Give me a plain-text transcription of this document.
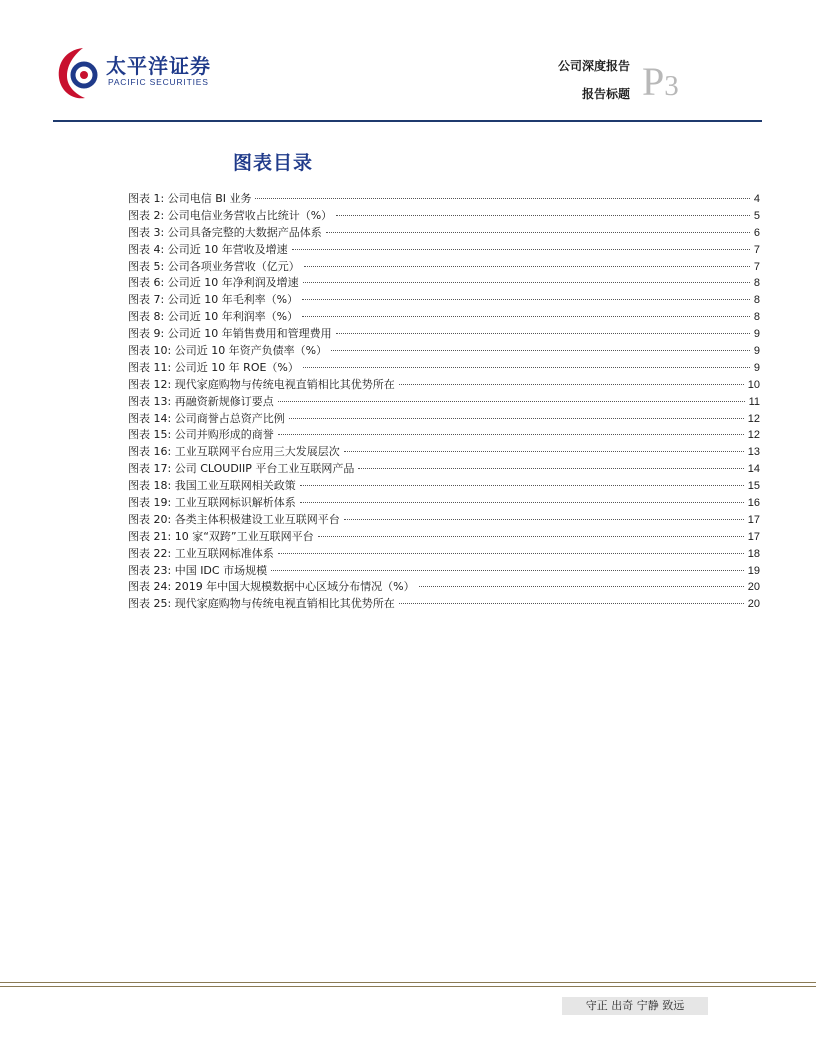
太平洋证券
PACIFIC SECURITIES
公司深度报告
报告标题 P3
图表目录
图表 1: 公司电信 BI 业务	4
图表 2: 公司电信业务营收占比统计（%）	5
图表 3: 公司具备完整的大数据产品体系	6
图表 4: 公司近 10 年营收及增速	7
图表 5: 公司各项业务营收（亿元）	7
图表 6: 公司近 10 年净利润及增速	8
图表 7: 公司近 10 年毛利率（%）	8
图表 8: 公司近 10 年利润率（%）	8
图表 9: 公司近 10 年销售费用和管理费用	9
图表 10: 公司近 10 年资产负债率（%）	9
图表 11: 公司近 10 年 ROE（%）	9
图表 12: 现代家庭购物与传统电视直销相比其优势所在	10
图表 13: 再融资新规修订要点	11
图表 14: 公司商誉占总资产比例	12
图表 15: 公司并购形成的商誉	12
图表 16: 工业互联网平台应用三大发展层次	13
图表 17: 公司 CLOUDIIP 平台工业互联网产品	14
图表 18: 我国工业互联网相关政策	15
图表 19: 工业互联网标识解析体系	16
图表 20: 各类主体积极建设工业互联网平台	17
图表 21: 10 家“双跨”工业互联网平台	17
图表 22: 工业互联网标准体系	18
图表 23: 中国 IDC 市场规模	19
图表 24: 2019 年中国大规模数据中心区域分布情况（%）	20
图表 25: 现代家庭购物与传统电视直销相比其优势所在	20
守正 出奇 宁静 致远
